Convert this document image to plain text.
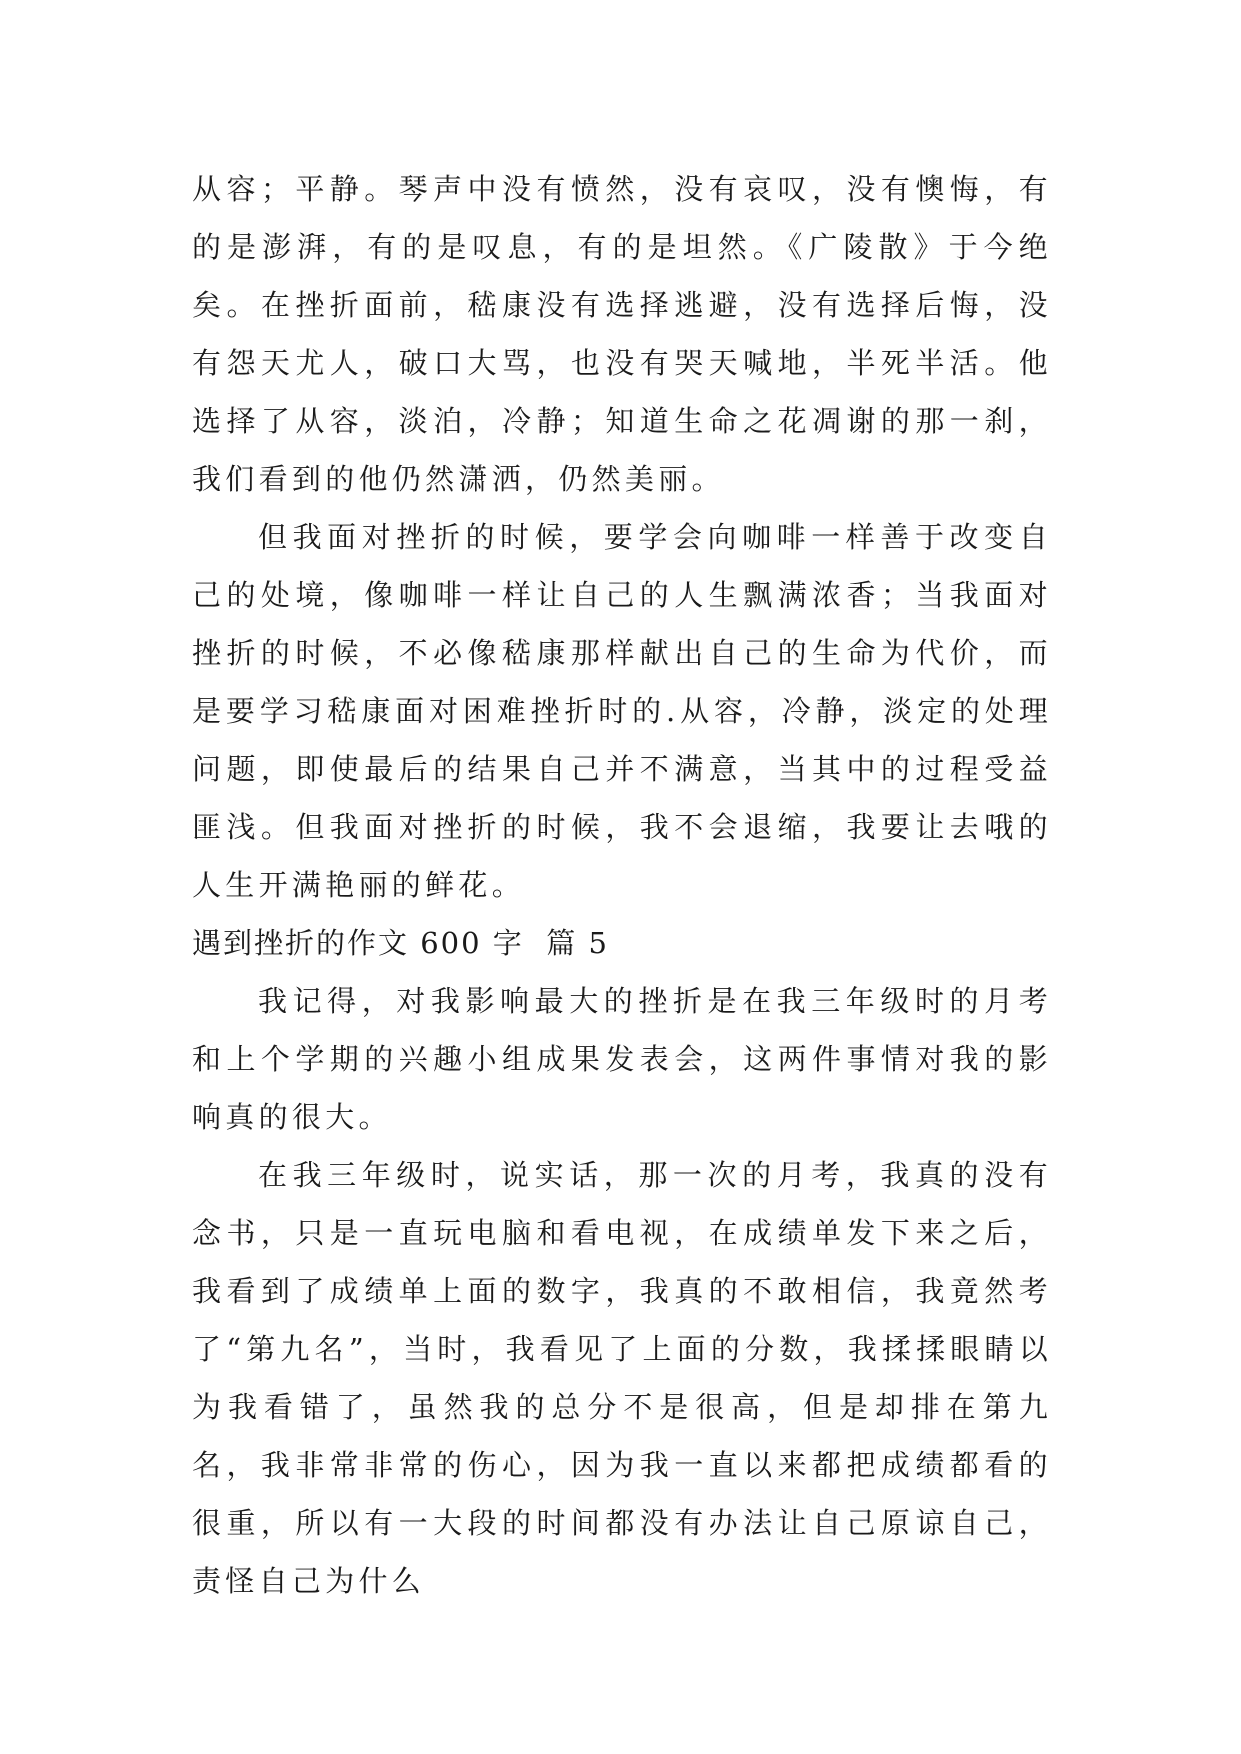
从容；平静。琴声中没有愤然，没有哀叹，没有懊悔，有的是澎湃，有的是叹息，有的是坦然。《广陵散》于今绝矣。在挫折面前，嵇康没有选择逃避，没有选择后悔，没有怨天尤人，破口大骂，也没有哭天喊地，半死半活。他选择了从容，淡泊，冷静；知道生命之花凋谢的那一刹，我们看到的他仍然潇洒，仍然美丽。

但我面对挫折的时候，要学会向咖啡一样善于改变自己的处境，像咖啡一样让自己的人生飘满浓香；当我面对挫折的时候，不必像嵇康那样献出自己的生命为代价，而是要学习嵇康面对困难挫折时的.从容，冷静，淡定的处理问题，即使最后的结果自己并不满意，当其中的过程受益匪浅。但我面对挫折的时候，我不会退缩，我要让去哦的人生开满艳丽的鲜花。

遇到挫折的作文 600 字  篇 5

我记得，对我影响最大的挫折是在我三年级时的月考和上个学期的兴趣小组成果发表会，这两件事情对我的影响真的很大。

在我三年级时，说实话，那一次的月考，我真的没有念书，只是一直玩电脑和看电视，在成绩单发下来之后，我看到了成绩单上面的数字，我真的不敢相信，我竟然考了“第九名”，当时，我看见了上面的分数，我揉揉眼睛以为我看错了，虽然我的总分不是很高，但是却排在第九名，我非常非常的伤心，因为我一直以来都把成绩都看的很重，所以有一大段的时间都没有办法让自己原谅自己，责怪自己为什么
